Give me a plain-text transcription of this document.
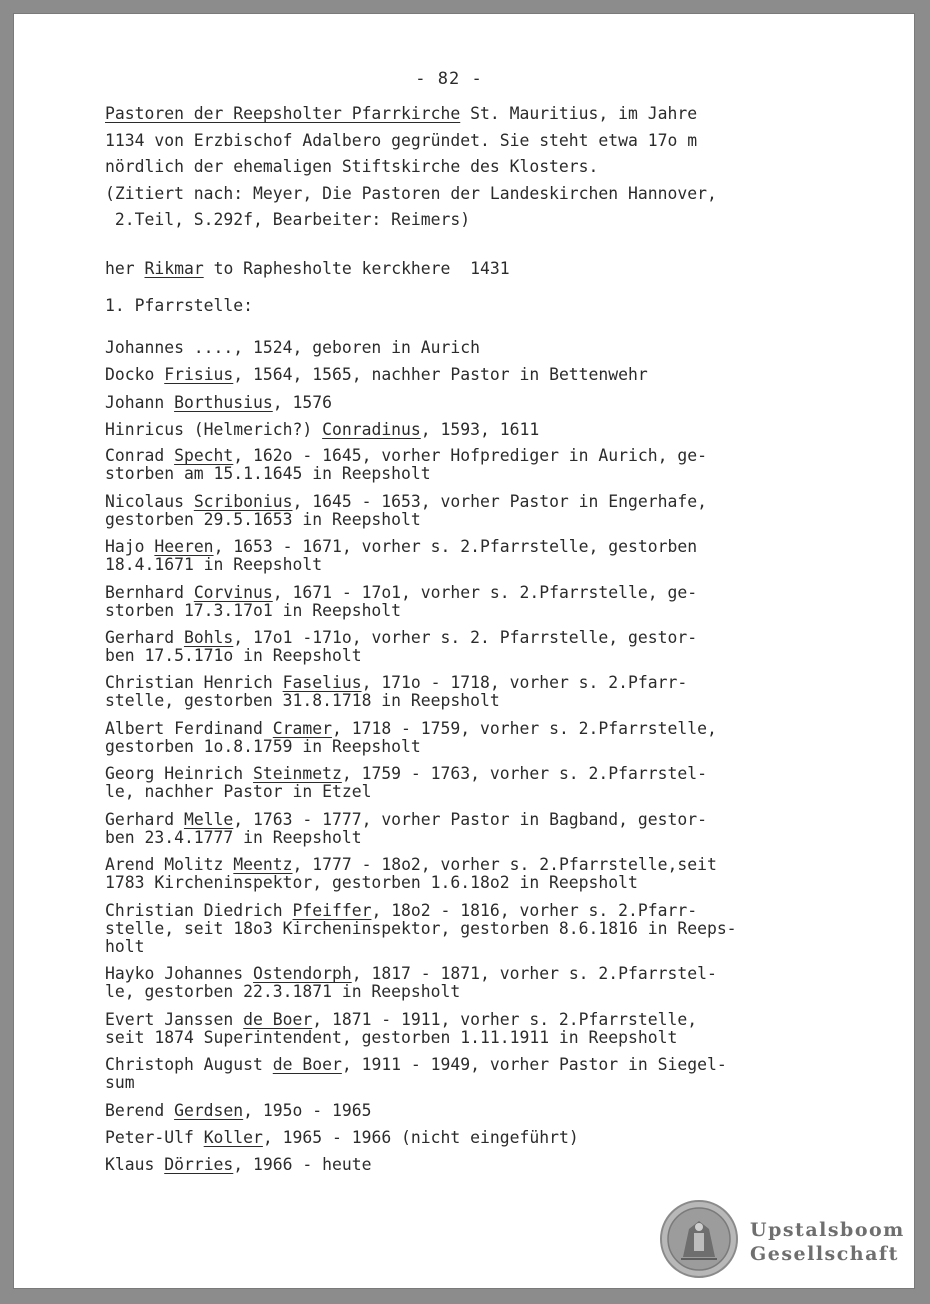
- 82 -
Pastoren der Reepsholter Pfarrkirche St. Mauritius, im Jahre
1134 von Erzbischof Adalbero gegründet. Sie steht etwa 17o m
nördlich der ehemaligen Stiftskirche des Klosters.
(Zitiert nach: Meyer, Die Pastoren der Landeskirchen Hannover,
2.Teil, S.292f, Bearbeiter: Reimers)
her Rikmar to Raphesholte kerckhere  1431
1. Pfarrstelle:
Johannes ...., 1524, geboren in Aurich
Docko Frisius, 1564, 1565, nachher Pastor in Bettenwehr
Johann Borthusius, 1576
Hinricus (Helmerich?) Conradinus, 1593, 1611
Conrad Specht, 162o - 1645, vorher Hofprediger in Aurich, ge-
storben am 15.1.1645 in Reepsholt
Nicolaus Scribonius, 1645 - 1653, vorher Pastor in Engerhafe,
gestorben 29.5.1653 in Reepsholt
Hajo Heeren, 1653 - 1671, vorher s. 2.Pfarrstelle, gestorben
18.4.1671 in Reepsholt
Bernhard Corvinus, 1671 - 17o1, vorher s. 2.Pfarrstelle, ge-
storben 17.3.17o1 in Reepsholt
Gerhard Bohls, 17o1 -171o, vorher s. 2. Pfarrstelle, gestor-
ben 17.5.171o in Reepsholt
Christian Henrich Faselius, 171o - 1718, vorher s. 2.Pfarr-
stelle, gestorben 31.8.1718 in Reepsholt
Albert Ferdinand Cramer, 1718 - 1759, vorher s. 2.Pfarrstelle,
gestorben 1o.8.1759 in Reepsholt
Georg Heinrich Steinmetz, 1759 - 1763, vorher s. 2.Pfarrstel-
le, nachher Pastor in Etzel
Gerhard Melle, 1763 - 1777, vorher Pastor in Bagband, gestor-
ben 23.4.1777 in Reepsholt
Arend Molitz Meentz, 1777 - 18o2, vorher s. 2.Pfarrstelle,seit
1783 Kircheninspektor, gestorben 1.6.18o2 in Reepsholt
Christian Diedrich Pfeiffer, 18o2 - 1816, vorher s. 2.Pfarr-
stelle, seit 18o3 Kircheninspektor, gestorben 8.6.1816 in Reeps-
holt
Hayko Johannes Ostendorph, 1817 - 1871, vorher s. 2.Pfarrstel-
le, gestorben 22.3.1871 in Reepsholt
Evert Janssen de Boer, 1871 - 1911, vorher s. 2.Pfarrstelle,
seit 1874 Superintendent, gestorben 1.11.1911 in Reepsholt
Christoph August de Boer, 1911 - 1949, vorher Pastor in Siegel-
sum
Berend Gerdsen, 195o - 1965
Peter-Ulf Koller, 1965 - 1966 (nicht eingeführt)
Klaus Dörries, 1966 - heute
Upstalsboom
Gesellschaft
